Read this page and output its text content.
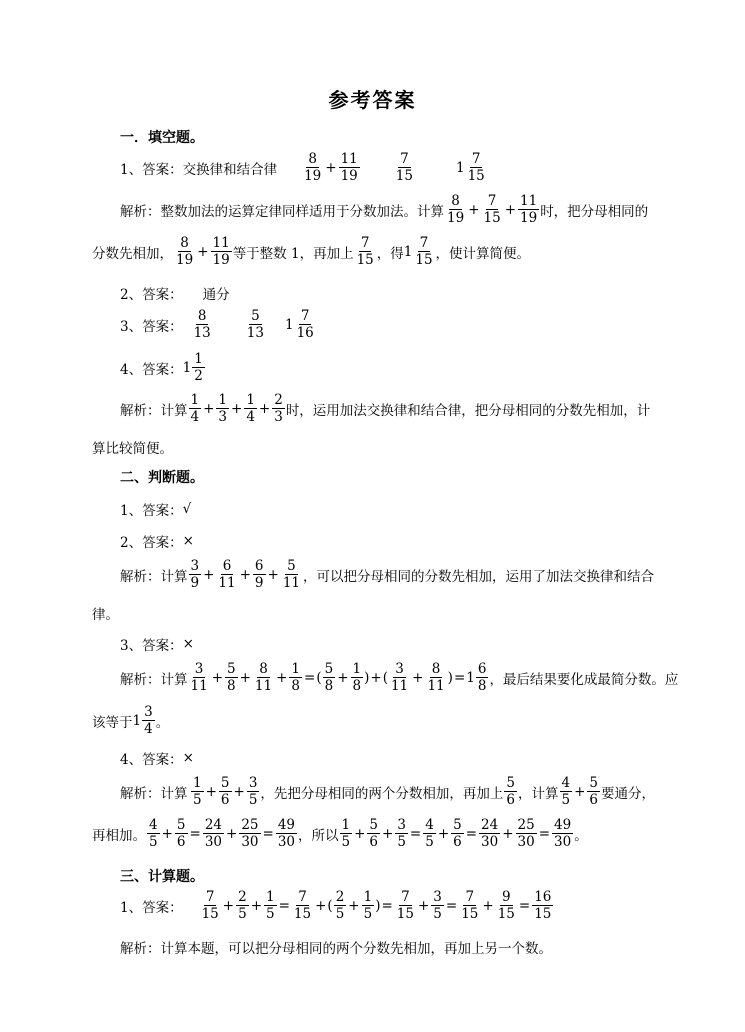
参考答案
一．填空题。
1、答案：交换律和结合律 $\frac{8}{19} + \frac{11}{19}$	$\frac{7}{15}$	$1 \frac{7}{15}$
解析：整数加法的运算定律同样适用于分数加法。计算 $\frac{8}{19} + \frac{7}{15} + \frac{11}{19}$ 时，把分母相同的
分数先相加， $\frac{8}{19} + \frac{11}{19}$ 等于整数 1，再加上 $\frac{7}{15}$ ，得 $1 \frac{7}{15}$ ，使计算简便。
2、答案： 通分
3、答案： $\frac{8}{13} \frac{5}{13} 1 \frac{7}{16}$
4、答案： $1 \frac{1}{2}$
解析：计算 $\frac{1}{4} + \frac{1}{3} + \frac{1}{4} + \frac{2}{3}$ 时，运用加法交换律和结合律，把分母相同的分数先相加，计
算比较简便。
二、判断题。
1、答案： √
2、答案： ×
解析：计算 $\frac{3}{9} + \frac{6}{11} + \frac{6}{9} + \frac{5}{11}$ ，可以把分母相同的分数先相加，运用了加法交换律和结合
律。
3、答案： ×
解析：计算 $\frac{3}{11} + \frac{5}{8} + \frac{8}{11} + \frac{1}{8}$ = ( $\frac{5}{8} + \frac{1}{8}$ ) + ( $\frac{3}{11} + \frac{8}{11}$ ) = $1 \frac{6}{8}$ ，最后结果要化成最简分数。应
该等于 $1 \frac{3}{4}$ 。
4、答案： ×
解析：计算 $\frac{1}{5} + \frac{5}{6} + \frac{3}{5}$ ，先把分母相同的两个分数相加，再加上 $\frac{5}{6}$ ，计算 $\frac{4}{5} + \frac{5}{6}$ 要通分，
再相加。 $\frac{4}{5} + \frac{5}{6} = \frac{24}{30} + \frac{25}{30} = \frac{49}{30}$ ，所以 $\frac{1}{5} + \frac{5}{6} + \frac{3}{5} = \frac{4}{5} + \frac{5}{6} = \frac{24}{30} + \frac{25}{30} = \frac{49}{30}$ 。
三、计算题。
1、答案： $\frac{7}{15} + \frac{2}{5} + \frac{1}{5} = \frac{7}{15}$ + ( $\frac{2}{5} + \frac{1}{5}$ ) = $\frac{7}{15} + \frac{3}{5} = \frac{7}{15} + \frac{9}{15} = \frac{16}{15}$
解析：计算本题，可以把分母相同的两个分数先相加，再加上另一个数。
